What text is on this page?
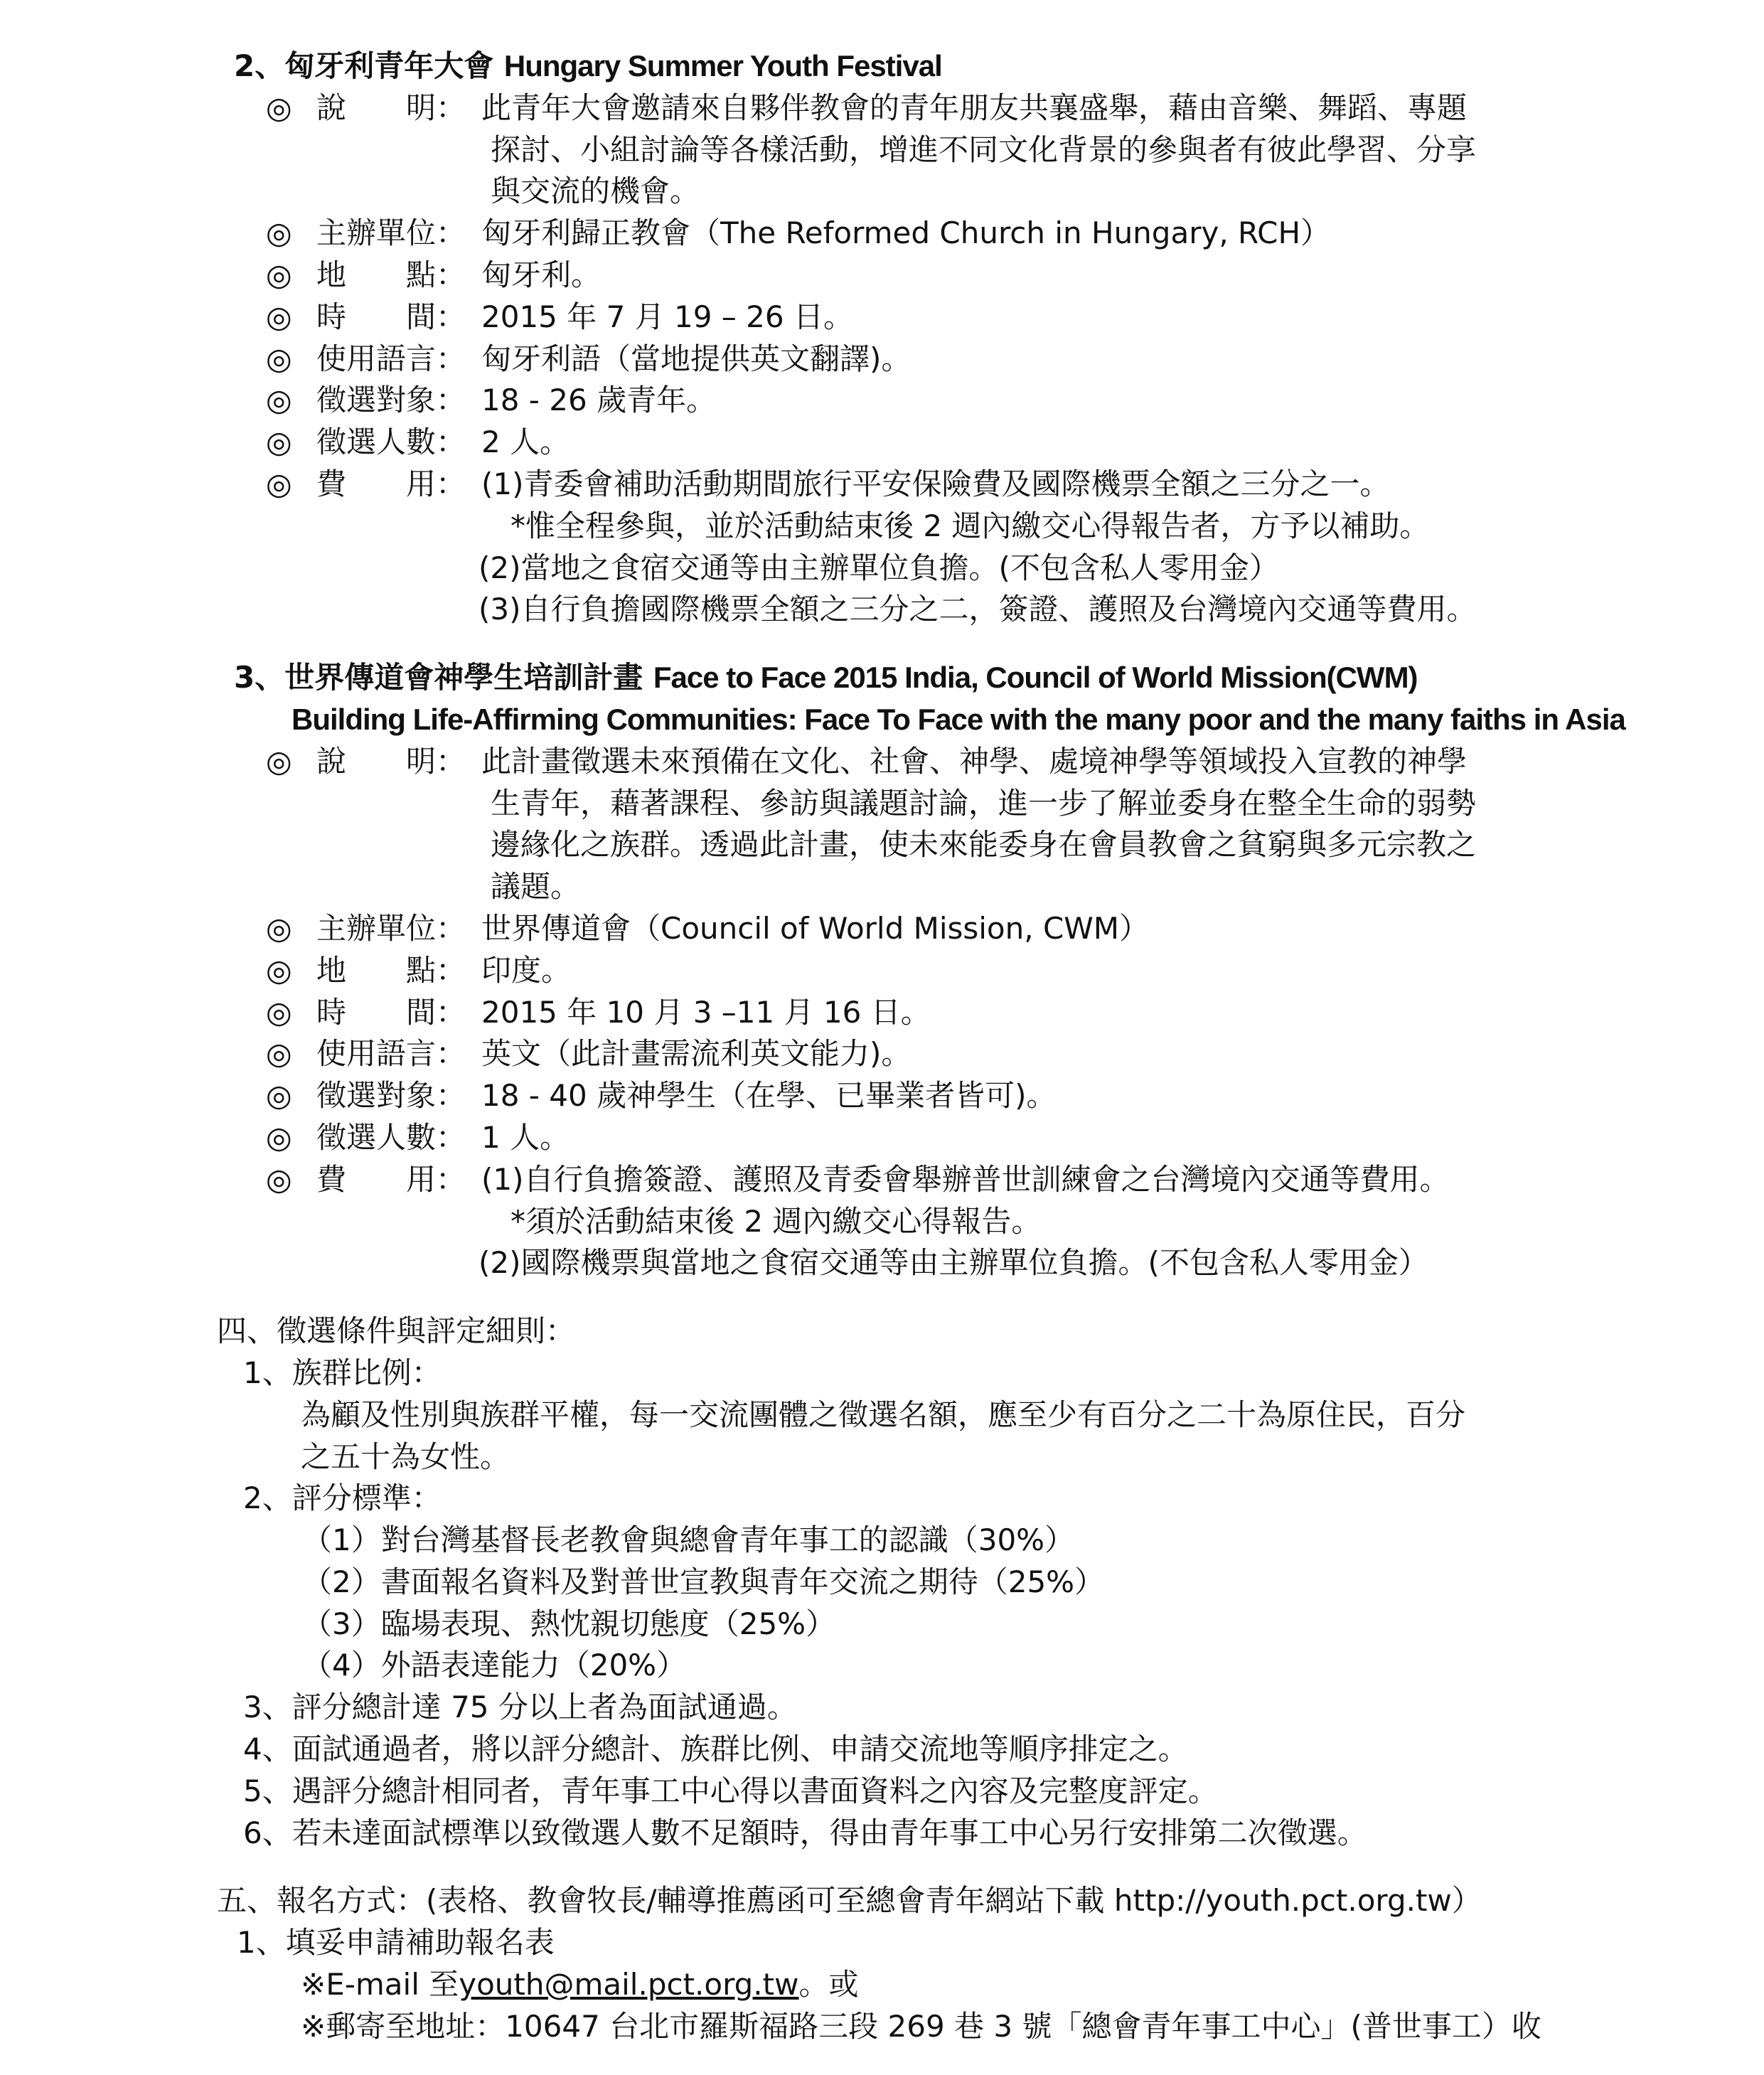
2、匈牙利青年大會 Hungary Summer Youth Festival
◎ 說　　明： 此青年大會邀請來自夥伴教會的青年朋友共襄盛舉，藉由音樂、舞蹈、專題
探討、小組討論等各樣活動，增進不同文化背景的參與者有彼此學習、分享
與交流的機會。
◎ 主辦單位： 匈牙利歸正教會（The Reformed Church in Hungary, RCH）
◎ 地　　點： 匈牙利。
◎ 時　　間： 2015 年 7 月 19 – 26 日。
◎ 使用語言： 匈牙利語（當地提供英文翻譯)。
◎ 徵選對象： 18 - 26 歲青年。
◎ 徵選人數： 2 人。
◎ 費　　用： (1)青委會補助活動期間旅行平安保險費及國際機票全額之三分之一。
*惟全程參與，並於活動結束後 2 週內繳交心得報告者，方予以補助。
(2)當地之食宿交通等由主辦單位負擔。(不包含私人零用金）
(3)自行負擔國際機票全額之三分之二，簽證、護照及台灣境內交通等費用。
3、世界傳道會神學生培訓計畫 Face to Face 2015 India, Council of World Mission(CWM)
Building Life-Affirming Communities: Face To Face with the many poor and the many faiths in Asia
◎ 說　　明： 此計畫徵選未來預備在文化、社會、神學、處境神學等領域投入宣教的神學
生青年，藉著課程、參訪與議題討論，進一步了解並委身在整全生命的弱勢
邊緣化之族群。透過此計畫，使未來能委身在會員教會之貧窮與多元宗教之
議題。
◎ 主辦單位： 世界傳道會（Council of World Mission, CWM）
◎ 地　　點： 印度。
◎ 時　　間： 2015 年 10 月 3 –11 月 16 日。
◎ 使用語言： 英文（此計畫需流利英文能力)。
◎ 徵選對象： 18 - 40 歲神學生（在學、已畢業者皆可)。
◎ 徵選人數： 1 人。
◎ 費　　用： (1)自行負擔簽證、護照及青委會舉辦普世訓練會之台灣境內交通等費用。
*須於活動結束後 2 週內繳交心得報告。
(2)國際機票與當地之食宿交通等由主辦單位負擔。(不包含私人零用金）
四、徵選條件與評定細則：
1、族群比例：
為顧及性別與族群平權，每一交流團體之徵選名額，應至少有百分之二十為原住民，百分
之五十為女性。
2、評分標準：
（1）對台灣基督長老教會與總會青年事工的認識（30%）
（2）書面報名資料及對普世宣教與青年交流之期待（25%）
（3）臨場表現、熱忱親切態度（25%）
（4）外語表達能力（20%）
3、評分總計達 75 分以上者為面試通過。
4、面試通過者，將以評分總計、族群比例、申請交流地等順序排定之。
5、遇評分總計相同者，青年事工中心得以書面資料之內容及完整度評定。
6、若未達面試標準以致徵選人數不足額時，得由青年事工中心另行安排第二次徵選。
五、報名方式：(表格、教會牧長/輔導推薦函可至總會青年網站下載 http://youth.pct.org.tw）
1、填妥申請補助報名表
※E-mail 至youth@mail.pct.org.tw。或
※郵寄至地址：10647 台北市羅斯福路三段 269 巷 3 號「總會青年事工中心」(普世事工）收
